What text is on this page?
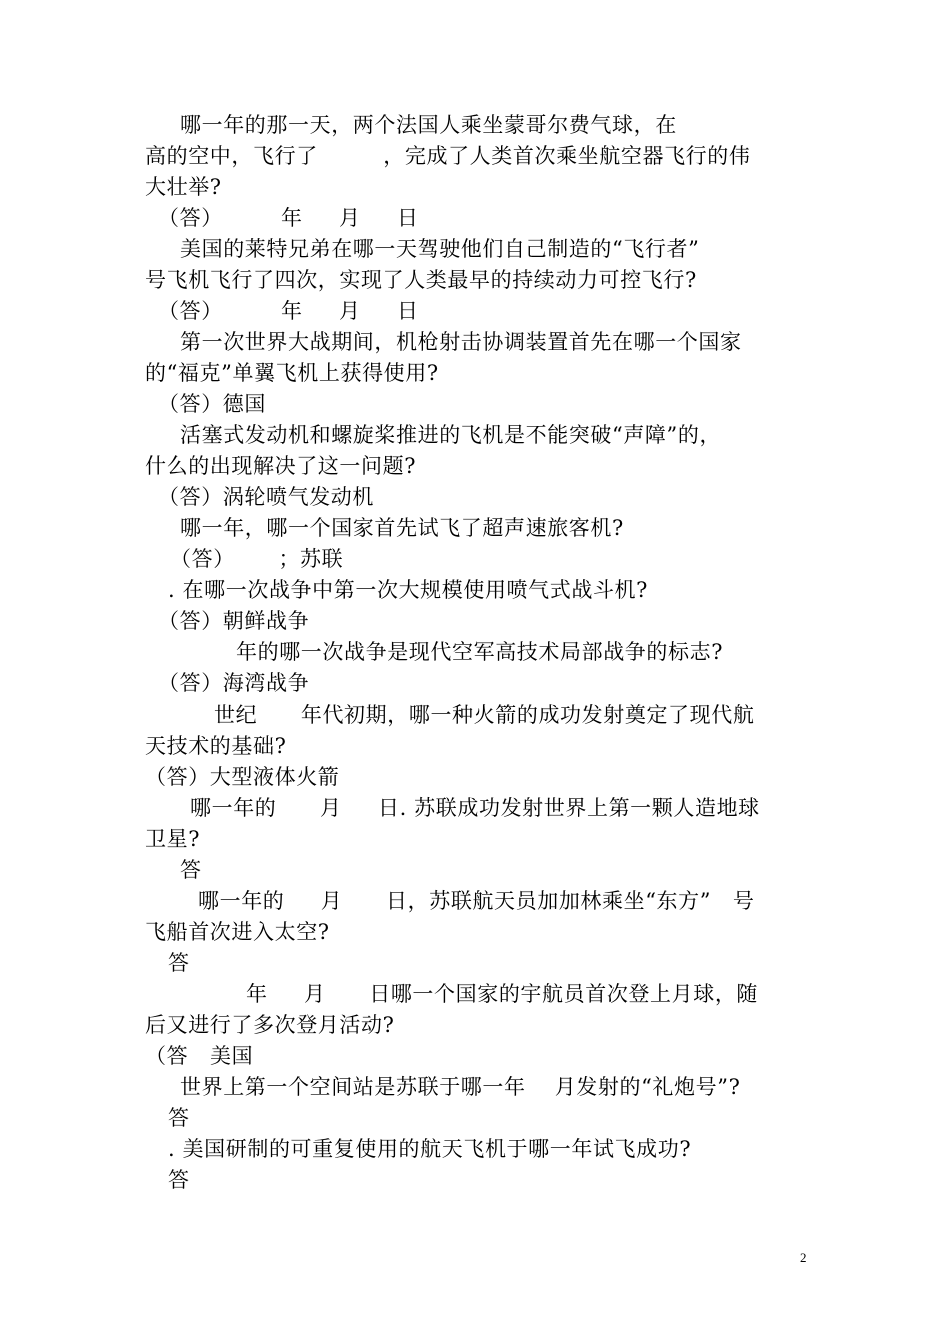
哪一年的那一天，两个法国人乘坐蒙哥尔费气球，在
高的空中，飞行了         ，完成了人类首次乘坐航空器飞行的伟
大壮举?
（答）        年     月     日
美国的莱特兄弟在哪一天驾驶他们自己制造的“飞行者”
号飞机飞行了四次，实现了人类最早的持续动力可控飞行?
（答）        年     月     日
第一次世界大战期间，机枪射击协调装置首先在哪一个国家
的“福克”单翼飞机上获得使用?
（答）德国
活塞式发动机和螺旋桨推进的飞机是不能突破“声障”的，
什么的出现解决了这一问题?
（答）涡轮喷气发动机
哪一年，哪一个国家首先试飞了超声速旅客机?
（答）      ；苏联
. 在哪一次战争中第一次大规模使用喷气式战斗机?
（答）朝鲜战争
年的哪一次战争是现代空军高技术局部战争的标志?
（答）海湾战争
世纪      年代初期，哪一种火箭的成功发射奠定了现代航
天技术的基础?
（答）大型液体火箭
哪一年的      月     日. 苏联成功发射世界上第一颗人造地球
卫星?
答
哪一年的     月      日，苏联航天员加加林乘坐“东方”   号
飞船首次进入太空?
答
年     月      日哪一个国家的宇航员首次登上月球，随
后又进行了多次登月活动?
（答   美国
世界上第一个空间站是苏联于哪一年    月发射的“礼炮号”?
答
. 美国研制的可重复使用的航天飞机于哪一年试飞成功?
答
2
